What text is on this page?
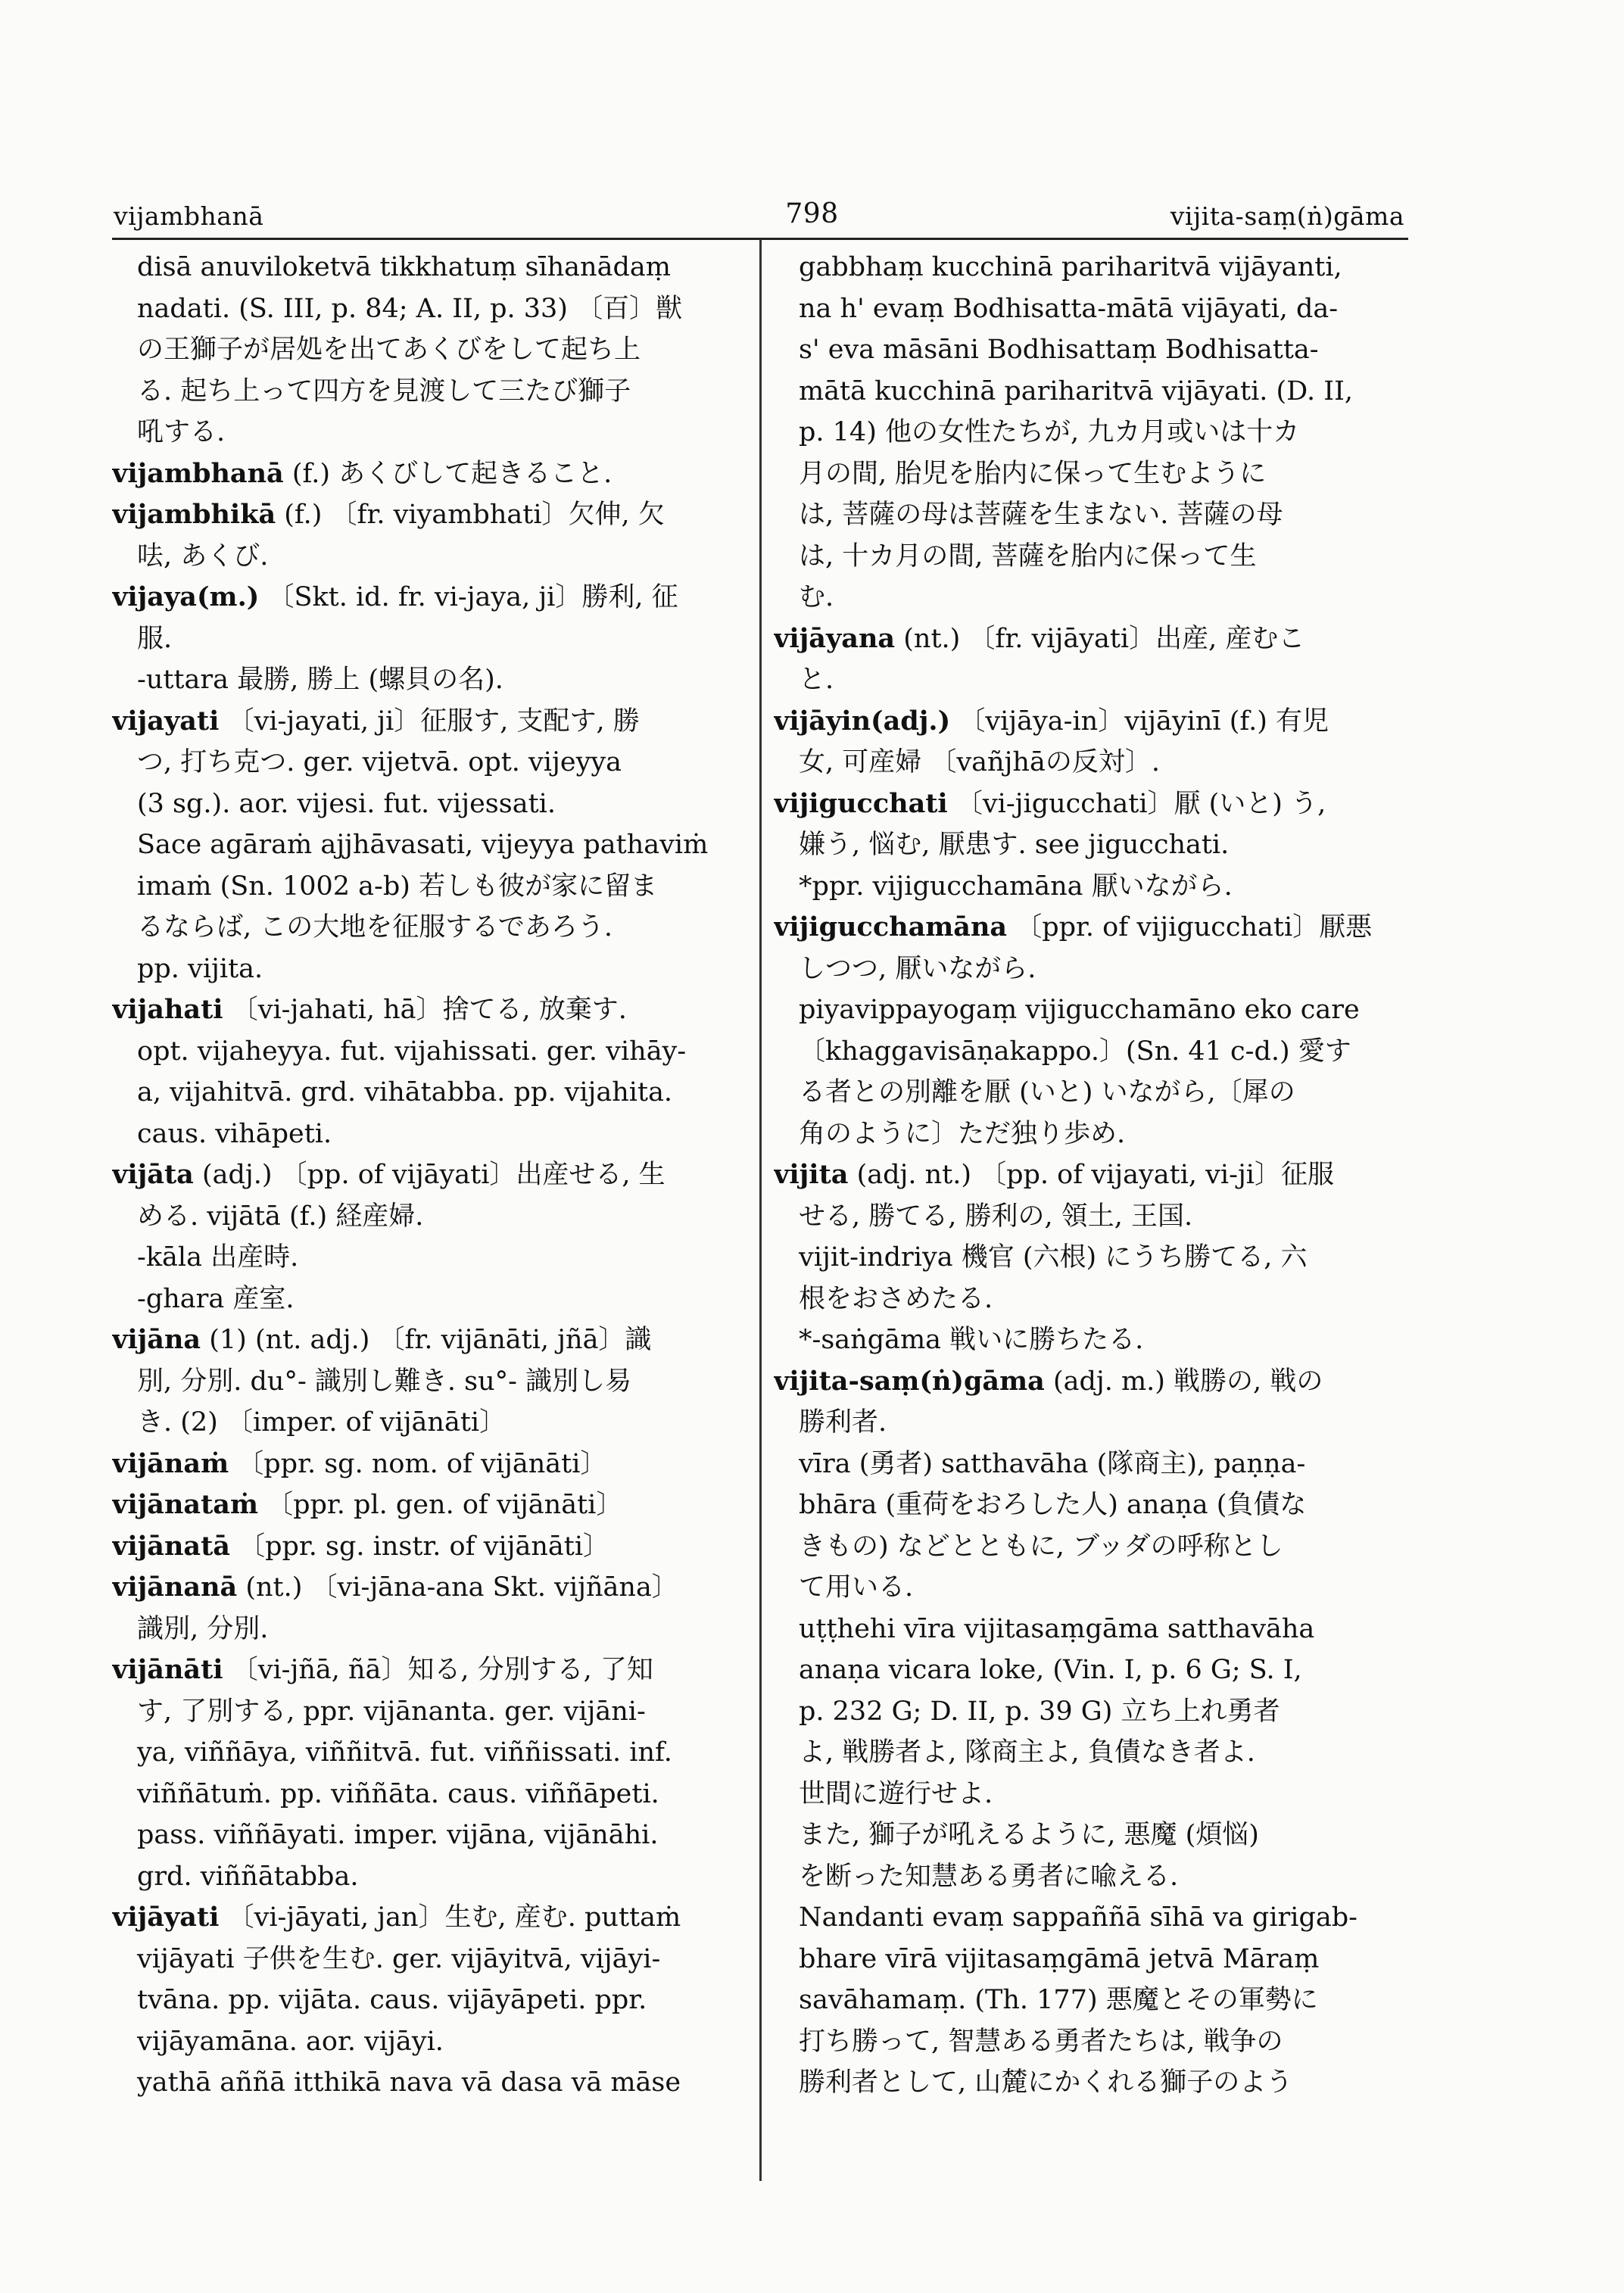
vijambhanā	798	vijita-saṃ(ṅ)gāma
disā anuviloketvā tikkhatuṃ sīhanādaṃ
nadati. (S. III, p. 84; A. II, p. 33) 〔百〕獣
の王獅子が居処を出てあくびをして起ち上
る. 起ち上って四方を見渡して三たび獅子
吼する.
vijambhanā (f.) あくびして起きること.
vijambhikā (f.) 〔fr. viyambhati〕欠伸, 欠
呿, あくび.
vijaya(m.) 〔Skt. id. fr. vi-jaya, ji〕勝利, 征
服.
-uttara 最勝, 勝上 (螺貝の名).
vijayati 〔vi-jayati, ji〕征服す, 支配す, 勝
つ, 打ち克つ. ger. vijetvā. opt. vijeyya
(3 sg.). aor. vijesi. fut. vijessati.
Sace agāraṁ ajjhāvasati, vijeyya pathaviṁ
imaṁ (Sn. 1002 a-b) 若しも彼が家に留ま
るならば, この大地を征服するであろう.
pp. vijita.
vijahati 〔vi-jahati, hā〕捨てる, 放棄す.
opt. vijaheyya. fut. vijahissati. ger. vihāy-
a, vijahitvā. grd. vihātabba. pp. vijahita.
caus. vihāpeti.
vijāta (adj.) 〔pp. of vijāyati〕出産せる, 生
める. vijātā (f.) 経産婦.
-kāla 出産時.
-ghara 産室.
vijāna (1) (nt. adj.) 〔fr. vijānāti, jñā〕識
別, 分別. du°- 識別し難き. su°- 識別し易
き. (2) 〔imper. of vijānāti〕
vijānaṁ 〔ppr. sg. nom. of vijānāti〕
vijānataṁ 〔ppr. pl. gen. of vijānāti〕
vijānatā 〔ppr. sg. instr. of vijānāti〕
vijānanā (nt.) 〔vi-jāna-ana Skt. vijñāna〕
識別, 分別.
vijānāti 〔vi-jñā, ñā〕知る, 分別する, 了知
す, 了別する, ppr. vijānanta. ger. vijāni-
ya, viññāya, viññitvā. fut. viññissati. inf.
viññātuṁ. pp. viññāta. caus. viññāpeti.
pass. viññāyati. imper. vijāna, vijānāhi.
grd. viññātabba.
vijāyati 〔vi-jāyati, jan〕生む, 産む. puttaṁ
vijāyati 子供を生む. ger. vijāyitvā, vijāyi-
tvāna. pp. vijāta. caus. vijāyāpeti. ppr.
vijāyamāna. aor. vijāyi.
yathā aññā itthikā nava vā dasa vā māse
gabbhaṃ kucchinā pariharitvā vijāyanti,
na h' evaṃ Bodhisatta-mātā vijāyati, da-
s' eva māsāni Bodhisattaṃ Bodhisatta-
mātā kucchinā pariharitvā vijāyati. (D. II,
p. 14) 他の女性たちが, 九カ月或いは十カ
月の間, 胎児を胎内に保って生むように
は, 菩薩の母は菩薩を生まない. 菩薩の母
は, 十カ月の間, 菩薩を胎内に保って生
む.
vijāyana (nt.) 〔fr. vijāyati〕出産, 産むこ
と.
vijāyin(adj.) 〔vijāya-in〕vijāyinī (f.) 有児
女, 可産婦 〔vañjhāの反対〕.
vijigucchati 〔vi-jigucchati〕厭 (いと) う,
嫌う, 悩む, 厭患す. see jigucchati.
*ppr. vijigucchamāna 厭いながら.
vijigucchamāna 〔ppr. of vijigucchati〕厭悪
しつつ, 厭いながら.
piyavippayogaṃ vijigucchamāno eko care
〔khaggavisāṇakappo.〕(Sn. 41 c-d.) 愛す
る者との別離を厭 (いと) いながら,〔犀の
角のように〕ただ独り歩め.
vijita (adj. nt.) 〔pp. of vijayati, vi-ji〕征服
せる, 勝てる, 勝利の, 領土, 王国.
vijit-indriya 機官 (六根) にうち勝てる, 六
根をおさめたる.
*-saṅgāma 戦いに勝ちたる.
vijita-saṃ(ṅ)gāma (adj. m.) 戦勝の, 戦の
勝利者.
vīra (勇者) satthavāha (隊商主), paṇṇa-
bhāra (重荷をおろした人) anaṇa (負債な
きもの) などとともに, ブッダの呼称とし
て用いる.
uṭṭhehi vīra vijitasaṃgāma satthavāha
anaṇa vicara loke, (Vin. I, p. 6 G; S. I,
p. 232 G; D. II, p. 39 G) 立ち上れ勇者
よ, 戦勝者よ, 隊商主よ, 負債なき者よ.
世間に遊行せよ.
また, 獅子が吼えるように, 悪魔 (煩悩)
を断った知慧ある勇者に喩える.
Nandanti evaṃ sappaññā sīhā va girigab-
bhare vīrā vijitasaṃgāmā jetvā Māraṃ
savāhamaṃ. (Th. 177) 悪魔とその軍勢に
打ち勝って, 智慧ある勇者たちは, 戦争の
勝利者として, 山麓にかくれる獅子のよう
